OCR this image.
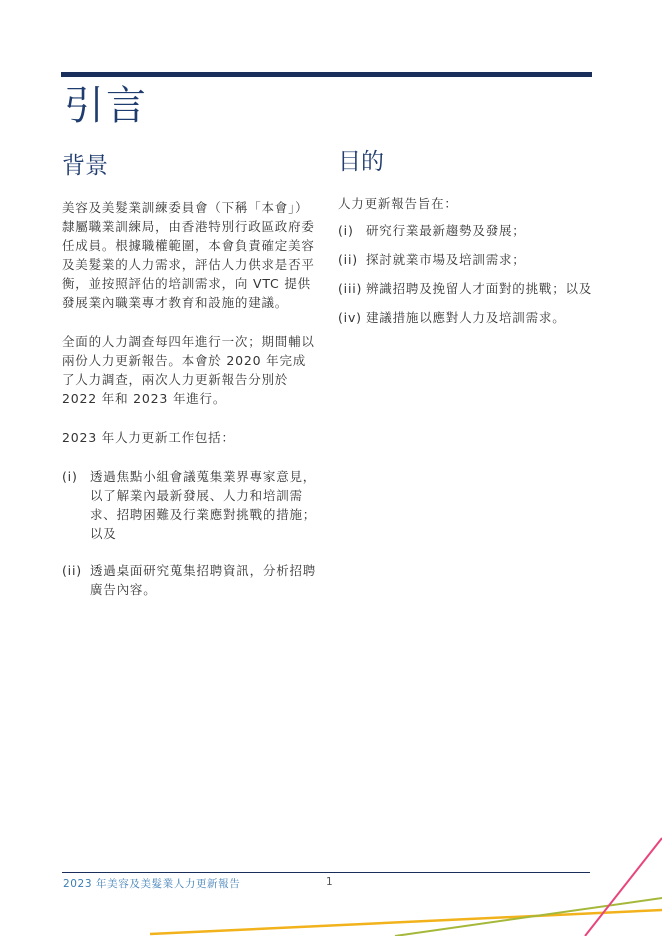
引言
背景

美容及美髮業訓練委員會（下稱「本會」）隸屬職業訓練局，由香港特別行政區政府委任成員。根據職權範圍，本會負責確定美容及美髮業的人力需求，評估人力供求是否平衡，並按照評估的培訓需求，向 VTC 提供發展業內職業專才教育和設施的建議。

全面的人力調查每四年進行一次；期間輔以兩份人力更新報告。本會於 2020 年完成了人力調查，兩次人力更新報告分別於 2022 年和 2023 年進行。

2023 年人力更新工作包括：

(i) 透過焦點小組會議蒐集業界專家意見，以了解業內最新發展、人力和培訓需求、招聘困難及行業應對挑戰的措施；以及
(ii) 透過桌面研究蒐集招聘資訊，分析招聘廣告內容。
目的

人力更新報告旨在：

(i) 研究行業最新趨勢及發展；
(ii) 探討就業市場及培訓需求；
(iii) 辨識招聘及挽留人才面對的挑戰；以及
(iv) 建議措施以應對人力及培訓需求。
2023 年美容及美髮業人力更新報告	1
